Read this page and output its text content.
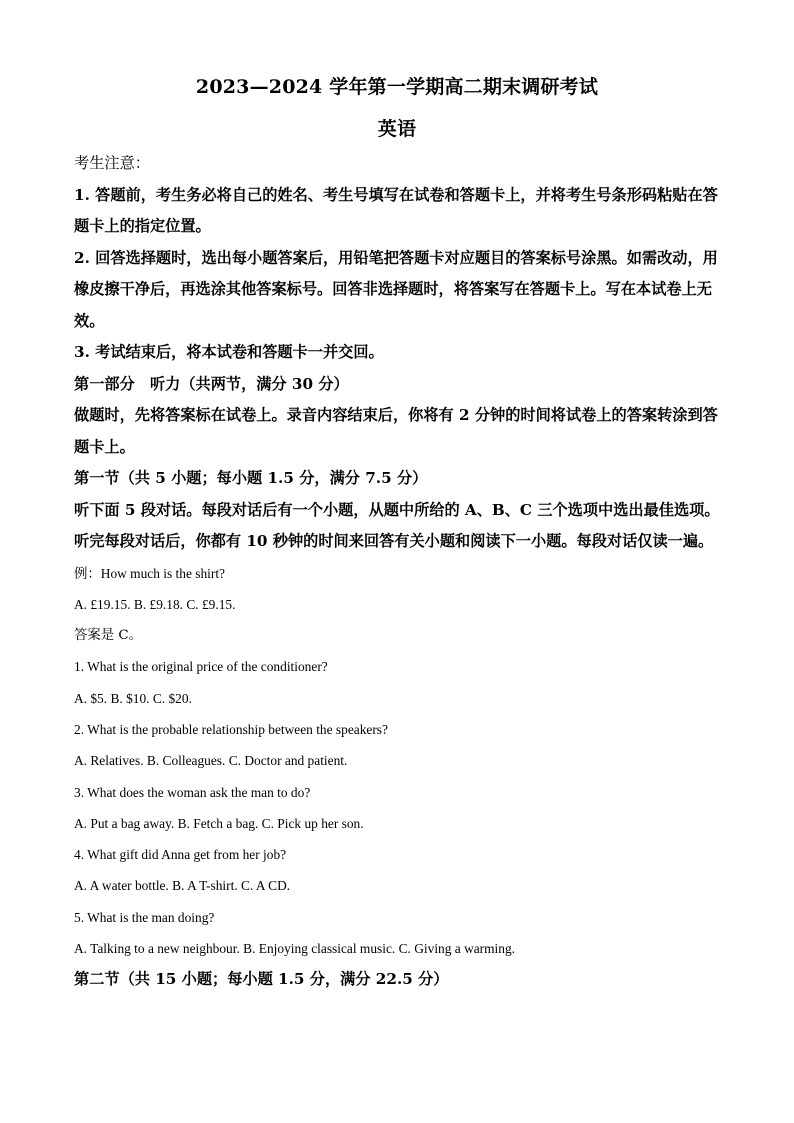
2023—2024 学年第一学期高二期末调研考试
英语

考生注意：

1. 答题前，考生务必将自己的姓名、考生号填写在试卷和答题卡上，并将考生号条形码粘贴在答题卡上的指定位置。

2. 回答选择题时，选出每小题答案后，用铅笔把答题卡对应题目的答案标号涂黑。如需改动，用橡皮擦干净后，再选涂其他答案标号。回答非选择题时，将答案写在答题卡上。写在本试卷上无效。

3. 考试结束后，将本试卷和答题卡一并交回。

第一部分　听力（共两节，满分 30 分）

做题时，先将答案标在试卷上。录音内容结束后，你将有 2 分钟的时间将试卷上的答案转涂到答题卡上。

第一节（共 5 小题；每小题 1.5 分，满分 7.5 分）

听下面 5 段对话。每段对话后有一个小题，从题中所给的 A、B、C 三个选项中选出最佳选项。听完每段对话后，你都有 10 秒钟的时间来回答有关小题和阅读下一小题。每段对话仅读一遍。

例：How much is the shirt?

A. £19.15. B. £9.18. C. £9.15.

答案是 C。

1. What is the original price of the conditioner?

A. $5. B. $10. C. $20.

2. What is the probable relationship between the speakers?

A. Relatives. B. Colleagues. C. Doctor and patient.

3. What does the woman ask the man to do?

A. Put a bag away. B. Fetch a bag. C. Pick up her son.

4. What gift did Anna get from her job?

A. A water bottle. B. A T-shirt. C. A CD.

5. What is the man doing?

A. Talking to a new neighbour. B. Enjoying classical music. C. Giving a warming.

第二节（共 15 小题；每小题 1.5 分，满分 22.5 分）
